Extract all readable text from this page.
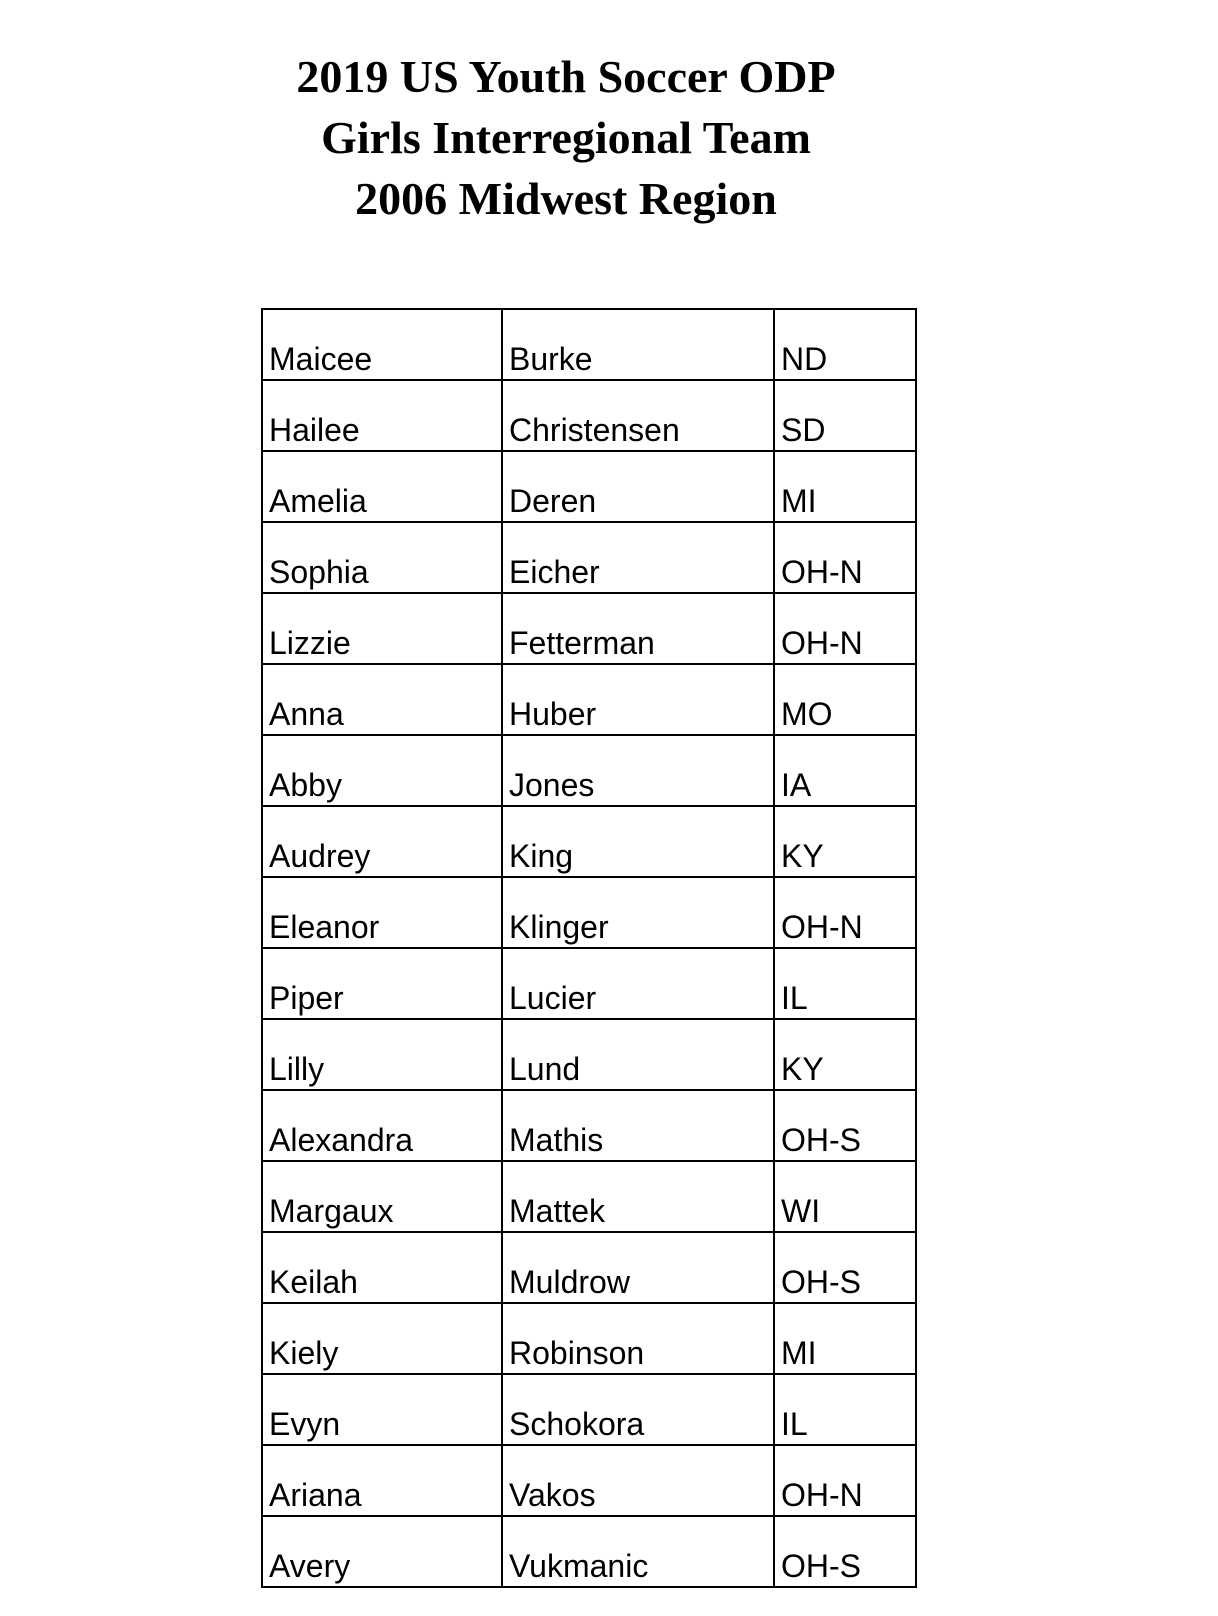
2019 US Youth Soccer ODP
Girls Interregional Team
2006 Midwest Region
Maicee	Burke	ND
Hailee	Christensen	SD
Amelia	Deren	MI
Sophia	Eicher	OH-N
Lizzie	Fetterman	OH-N
Anna	Huber	MO
Abby	Jones	IA
Audrey	King	KY
Eleanor	Klinger	OH-N
Piper	Lucier	IL
Lilly	Lund	KY
Alexandra	Mathis	OH-S
Margaux	Mattek	WI
Keilah	Muldrow	OH-S
Kiely	Robinson	MI
Evyn	Schokora	IL
Ariana	Vakos	OH-N
Avery	Vukmanic	OH-S
